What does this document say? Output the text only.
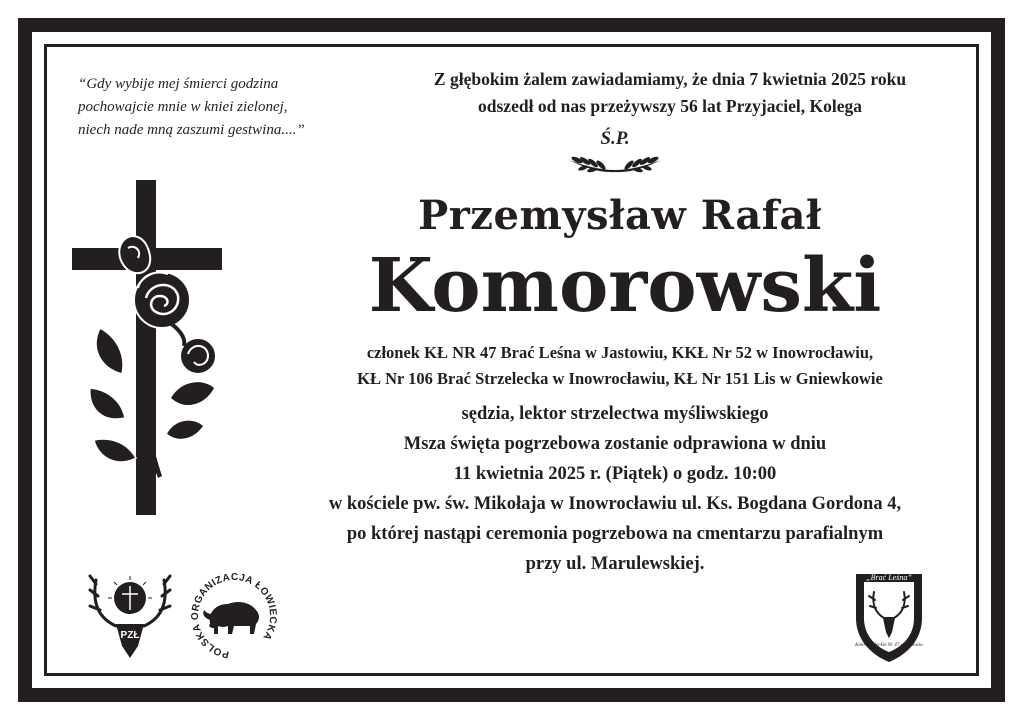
“Gdy wybije mej śmierci godzina
pochowajcie mnie w kniei zielonej,
niech nade mną zaszumi gestwina....”
Z głębokim żalem zawiadamiamy, że dnia 7 kwietnia 2025 roku
odszedł od nas przeżywszy 56 lat Przyjaciel, Kolega
Ś.P.
Przemysław Rafał
Komorowski
członek KŁ NR 47 Brać Leśna w Jastowiu, KKŁ Nr 52 w Inowrocławiu,
KŁ Nr 106 Brać Strzelecka w Inowrocławiu, KŁ Nr 151 Lis w Gniewkowie
sędzia, lektor strzelectwa myśliwskiego
Msza święta pogrzebowa zostanie odprawiona w dniu
11 kwietnia 2025 r. (Piątek) o godz. 10:00
w kościele pw. św. Mikołaja w Inowrocławiu ul. Ks. Bogdana Gordona 4,
po której nastąpi ceremonia pogrzebowa na cmentarzu parafialnym
przy ul. Marulewskiej.
PZŁ
POLSKA ORGANIZACJA ŁOWIECKA
„Brać Leśna”
Koło Łowieckie Nr 47 w Jastowiu
